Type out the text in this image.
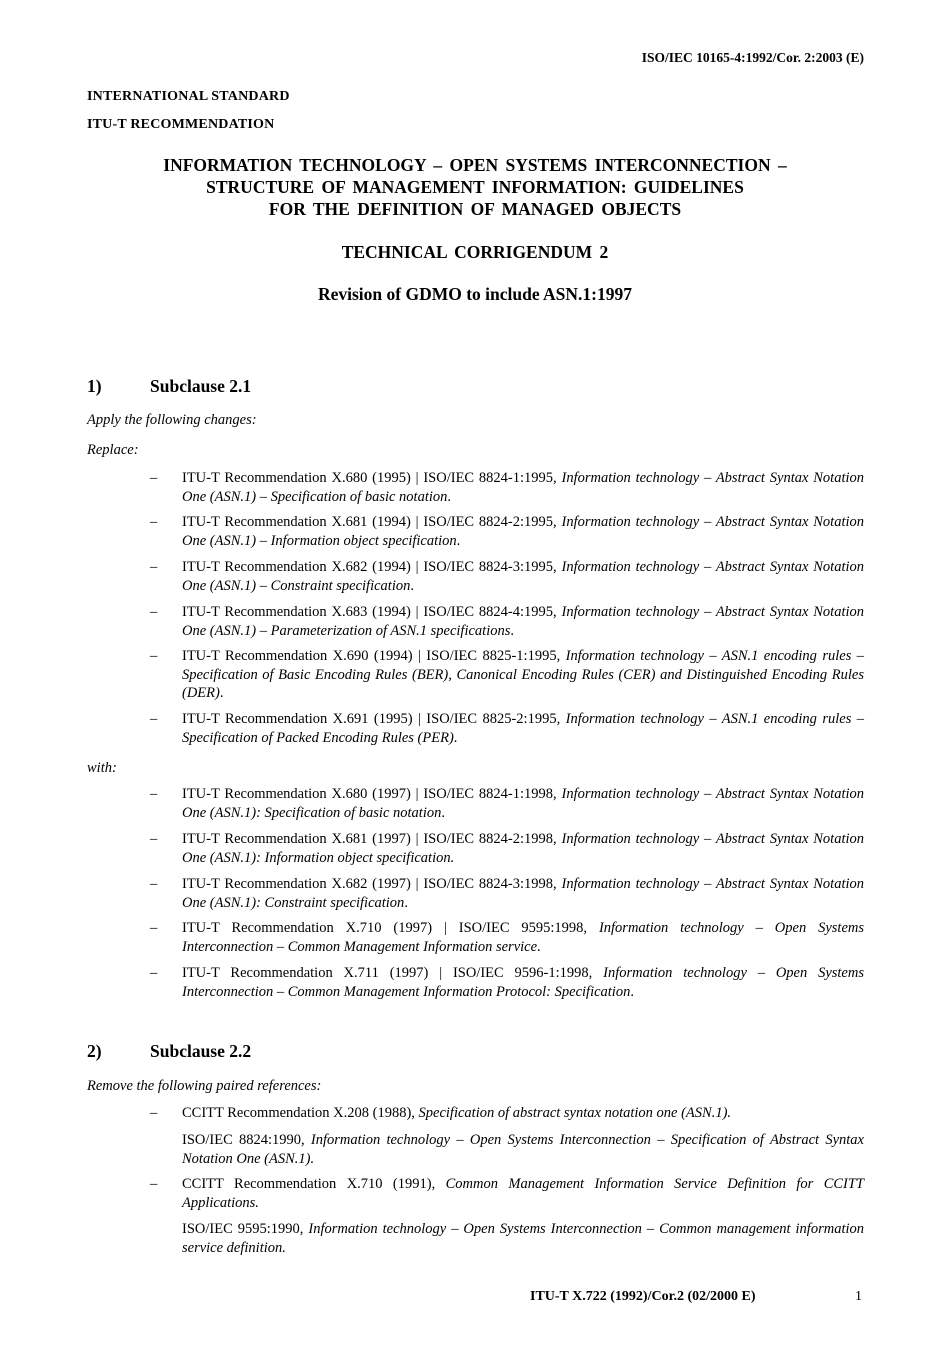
ISO/IEC 10165-4:1992/Cor. 2:2003 (E)
INTERNATIONAL STANDARD
ITU-T RECOMMENDATION
INFORMATION TECHNOLOGY – OPEN SYSTEMS INTERCONNECTION –
STRUCTURE OF MANAGEMENT INFORMATION: GUIDELINES
FOR THE DEFINITION OF MANAGED OBJECTS
TECHNICAL CORRIGENDUM 2
Revision of GDMO to include ASN.1:1997
1)	Subclause 2.1
Apply the following changes:
Replace:
– ITU-T Recommendation X.680 (1995) | ISO/IEC 8824-1:1995, Information technology – Abstract Syntax Notation One (ASN.1) – Specification of basic notation.
– ITU-T Recommendation X.681 (1994) | ISO/IEC 8824-2:1995, Information technology – Abstract Syntax Notation One (ASN.1) – Information object specification.
– ITU-T Recommendation X.682 (1994) | ISO/IEC 8824-3:1995, Information technology – Abstract Syntax Notation One (ASN.1) – Constraint specification.
– ITU-T Recommendation X.683 (1994) | ISO/IEC 8824-4:1995, Information technology – Abstract Syntax Notation One (ASN.1) – Parameterization of ASN.1 specifications.
– ITU-T Recommendation X.690 (1994) | ISO/IEC 8825-1:1995, Information technology – ASN.1 encoding rules – Specification of Basic Encoding Rules (BER), Canonical Encoding Rules (CER) and Distinguished Encoding Rules (DER).
– ITU-T Recommendation X.691 (1995) | ISO/IEC 8825-2:1995, Information technology – ASN.1 encoding rules – Specification of Packed Encoding Rules (PER).
with:
– ITU-T Recommendation X.680 (1997) | ISO/IEC 8824-1:1998, Information technology – Abstract Syntax Notation One (ASN.1): Specification of basic notation.
– ITU-T Recommendation X.681 (1997) | ISO/IEC 8824-2:1998, Information technology – Abstract Syntax Notation One (ASN.1): Information object specification.
– ITU-T Recommendation X.682 (1997) | ISO/IEC 8824-3:1998, Information technology – Abstract Syntax Notation One (ASN.1): Constraint specification.
– ITU-T Recommendation X.710 (1997) | ISO/IEC 9595:1998, Information technology – Open Systems Interconnection – Common Management Information service.
– ITU-T Recommendation X.711 (1997) | ISO/IEC 9596-1:1998, Information technology – Open Systems Interconnection – Common Management Information Protocol: Specification.
2)	Subclause 2.2
Remove the following paired references:
– CCITT Recommendation X.208 (1988), Specification of abstract syntax notation one (ASN.1).
ISO/IEC 8824:1990, Information technology – Open Systems Interconnection – Specification of Abstract Syntax Notation One (ASN.1).
– CCITT Recommendation X.710 (1991), Common Management Information Service Definition for CCITT Applications.
ISO/IEC 9595:1990, Information technology – Open Systems Interconnection – Common management information service definition.
ITU-T X.722 (1992)/Cor.2 (02/2000 E)	1
